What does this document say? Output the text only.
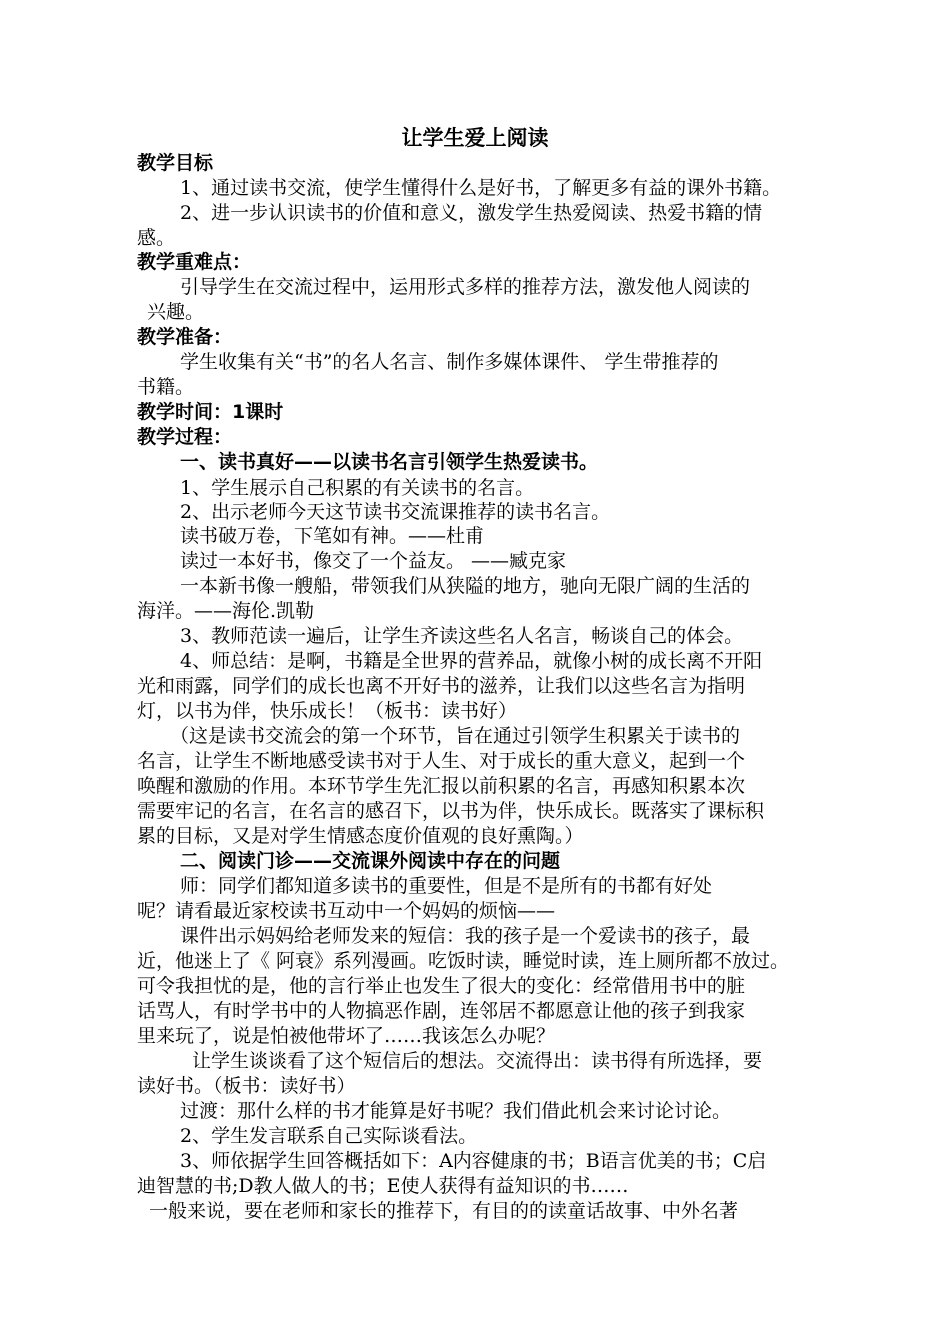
让学生爱上阅读
教学目标
1、通过读书交流，使学生懂得什么是好书，了解更多有益的课外书籍。
2、进一步认识读书的价值和意义，激发学生热爱阅读、热爱书籍的情
感。
教学重难点：
引导学生在交流过程中，运用形式多样的推荐方法，激发他人阅读的
兴趣。
教学准备：
学生收集有关“书”的名人名言、制作多媒体课件、 学生带推荐的
书籍。
教学时间：1课时
教学过程：
一、读书真好——以读书名言引领学生热爱读书。
1、学生展示自己积累的有关读书的名言。
2、出示老师今天这节读书交流课推荐的读书名言。
读书破万卷，下笔如有神。——杜甫
读过一本好书，像交了一个益友。 ——臧克家
一本新书像一艘船，带领我们从狭隘的地方，驰向无限广阔的生活的
海洋。——海伦.凯勒
3、教师范读一遍后，让学生齐读这些名人名言，畅谈自己的体会。
4、师总结：是啊，书籍是全世界的营养品，就像小树的成长离不开阳
光和雨露，同学们的成长也离不开好书的滋养，让我们以这些名言为指明
灯，以书为伴，快乐成长！（板书：读书好）
（这是读书交流会的第一个环节，旨在通过引领学生积累关于读书的
名言，让学生不断地感受读书对于人生、对于成长的重大意义，起到一个
唤醒和激励的作用。本环节学生先汇报以前积累的名言，再感知积累本次
需要牢记的名言，在名言的感召下，以书为伴，快乐成长。既落实了课标积
累的目标，又是对学生情感态度价值观的良好熏陶。）
二、阅读门诊——交流课外阅读中存在的问题
师：同学们都知道多读书的重要性，但是不是所有的书都有好处
呢？请看最近家校读书互动中一个妈妈的烦恼——
课件出示妈妈给老师发来的短信：我的孩子是一个爱读书的孩子，最
近，他迷上了《 阿衰》系列漫画。吃饭时读，睡觉时读，连上厕所都不放过。
可令我担忧的是，他的言行举止也发生了很大的变化：经常借用书中的脏
话骂人，有时学书中的人物搞恶作剧，连邻居不都愿意让他的孩子到我家
里来玩了，说是怕被他带坏了……我该怎么办呢？
让学生谈谈看了这个短信后的想法。交流得出：读书得有所选择，要
读好书。（板书：读好书）
过渡：那什么样的书才能算是好书呢？我们借此机会来讨论讨论。
2、学生发言联系自己实际谈看法。
3、师依据学生回答概括如下：A内容健康的书；B语言优美的书；C启
迪智慧的书;D教人做人的书；E使人获得有益知识的书……
一般来说，要在老师和家长的推荐下，有目的的读童话故事、中外名著
